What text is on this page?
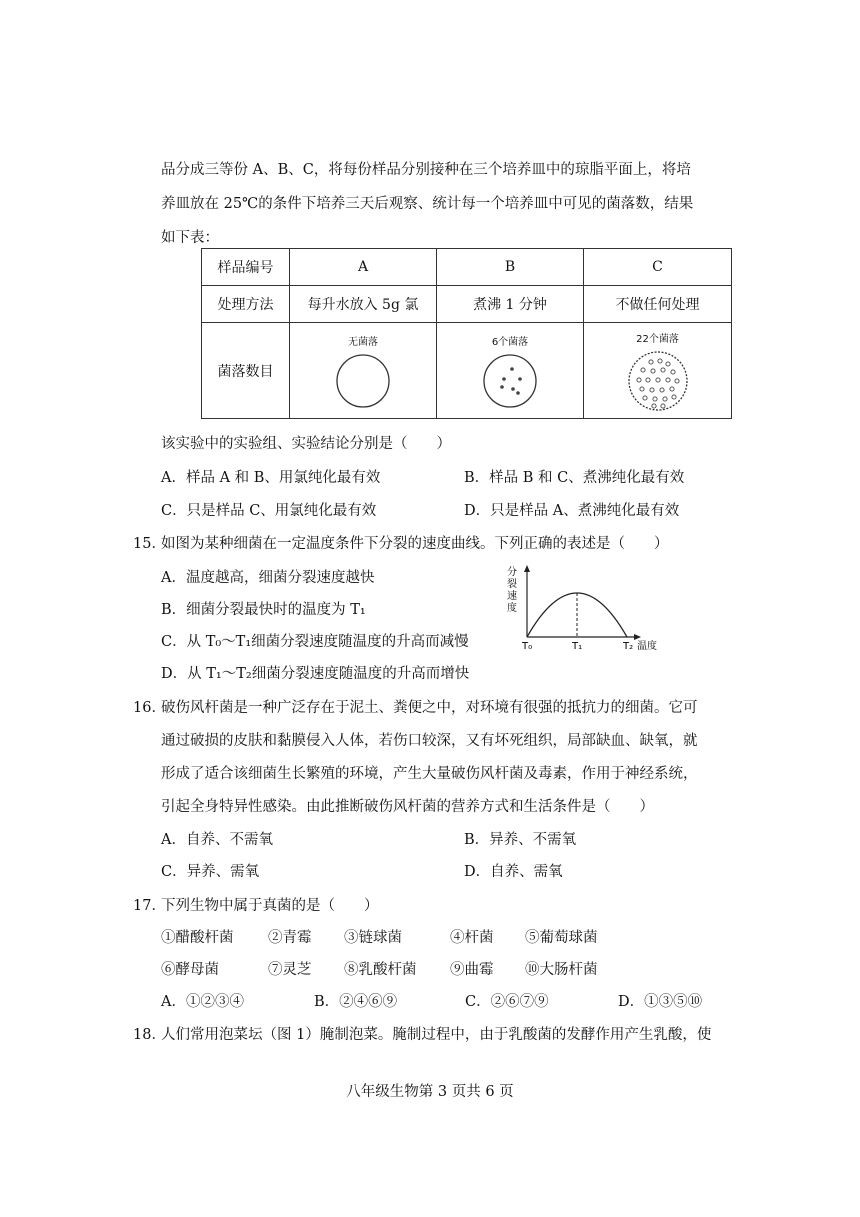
品分成三等份 A、B、C，将每份样品分别接种在三个培养皿中的琼脂平面上，将培
养皿放在 25℃的条件下培养三天后观察、统计每一个培养皿中可见的菌落数，结果
如下表：
样品编号	A	B	C
处理方法	每升水放入 5g 氯	煮沸 1 分钟	不做任何处理
菌落数目	无菌落	6个菌落	22个菌落
该实验中的实验组、实验结论分别是（　　）
A．样品 A 和 B、用氯纯化最有效	B．样品 B 和 C、煮沸纯化最有效
C．只是样品 C、用氯纯化最有效	D．只是样品 A、煮沸纯化最有效
15．
如图为某种细菌在一定温度条件下分裂的速度曲线。下列正确的表述是（　　）
A．温度越高，细菌分裂速度越快
B．细菌分裂最快时的温度为 T₁
C．从 T₀～T₁细菌分裂速度随温度的升高而减慢
D．从 T₁～T₂细菌分裂速度随温度的升高而增快
分
裂
速
度
T₀	T₁	T₂ 温度
16．
破伤风杆菌是一种广泛存在于泥土、粪便之中，对环境有很强的抵抗力的细菌。它可
通过破损的皮肤和黏膜侵入人体，若伤口较深，又有坏死组织，局部缺血、缺氧，就
形成了适合该细菌生长繁殖的环境，产生大量破伤风杆菌及毒素，作用于神经系统，
引起全身特异性感染。由此推断破伤风杆菌的营养方式和生活条件是（　　）
A．自养、不需氧	B．异养、不需氧
C．异养、需氧	D．自养、需氧
17．
下列生物中属于真菌的是（　　）
①醋酸杆菌 ②青霉 ③链球菌	④杆菌 ⑤葡萄球菌
⑥酵母菌	⑦灵芝 ⑧乳酸杆菌 ⑨曲霉 ⑩大肠杆菌
A．①②③④	B．②④⑥⑨	C．②⑥⑦⑨	D．①③⑤⑩
18．
人们常用泡菜坛（图 1）腌制泡菜。腌制过程中，由于乳酸菌的发酵作用产生乳酸，使
八年级生物第 3 页共 6 页
